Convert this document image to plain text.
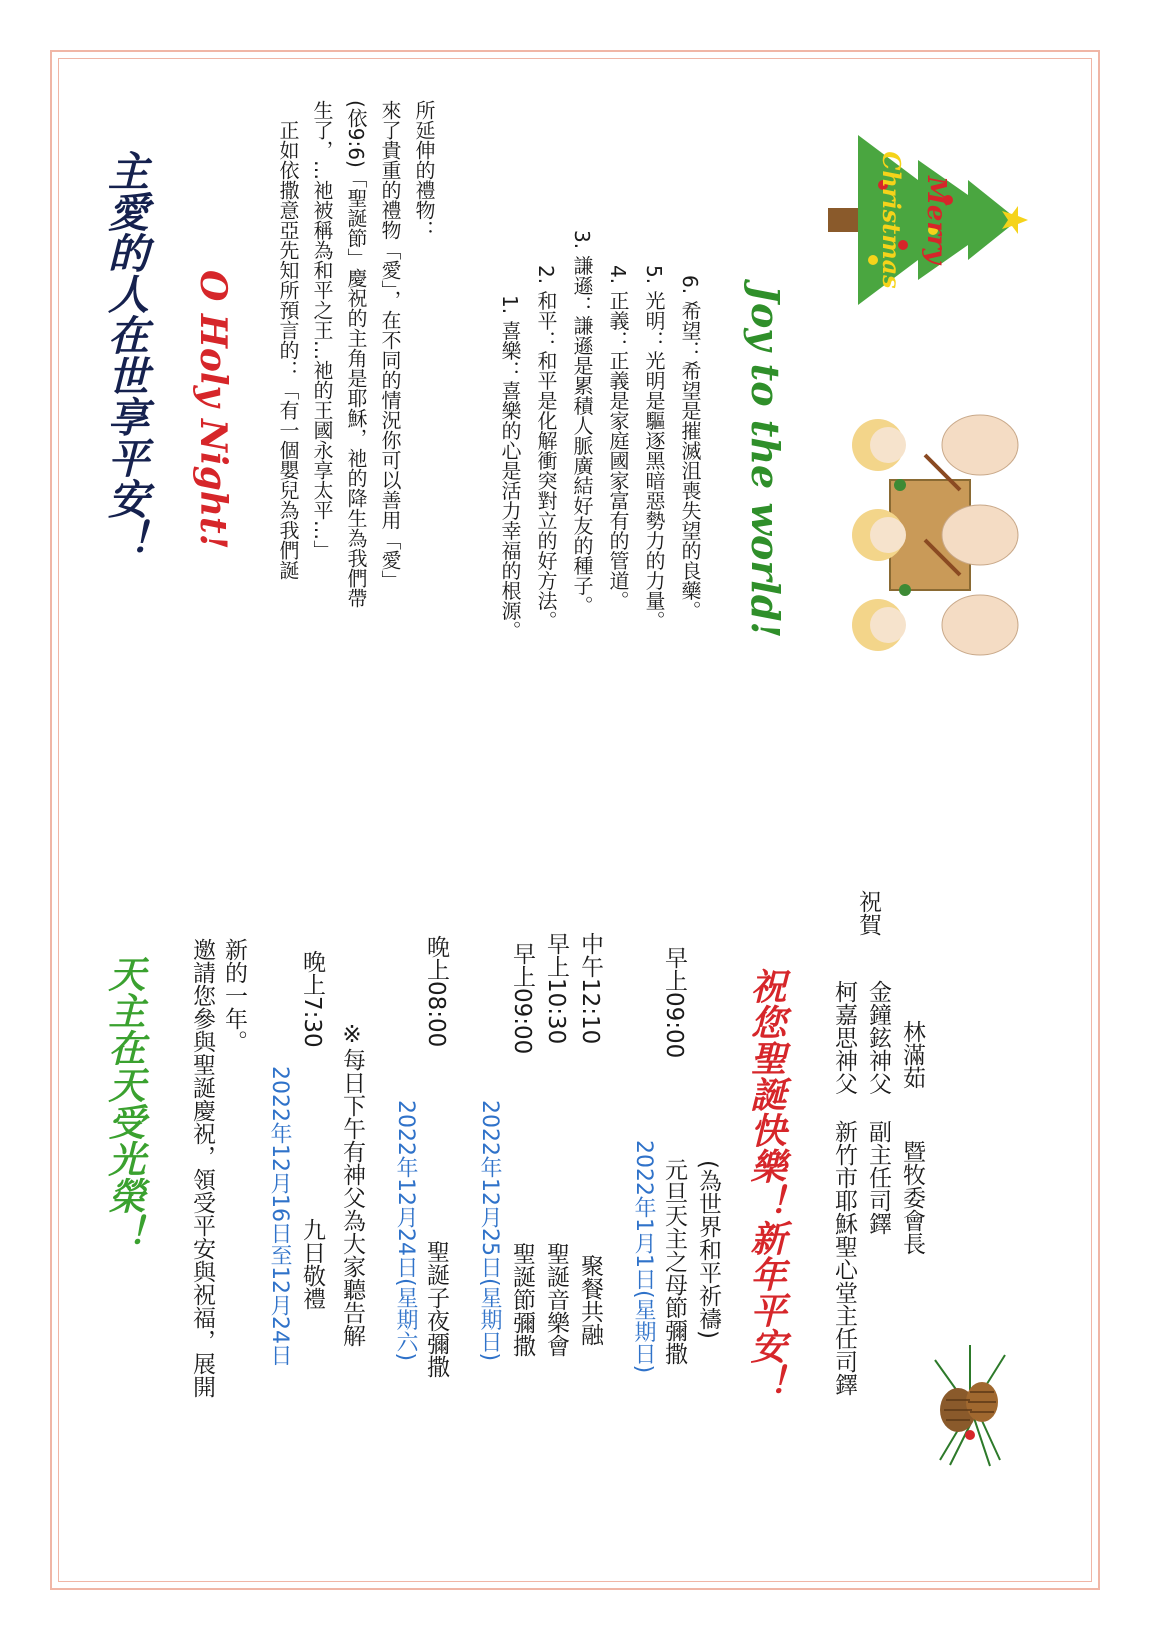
天主在天受光榮！ 邀請您參與聖誕慶祝，領受平安與祝福，展開 新的一年。
2022年12月16日至12月24日 九日敬禮
晚上7:30
※每日下午有神父為大家聽告解 2022年12月24日(星期六) 聖誕子夜彌撒
晚上08:00
2022年12月25日(星期日) 聖誕節彌撒
早上09:00
聖誕音樂會
早上10:30
聚餐共融
中午12:10
2022年1月1日(星期日) 元旦天主之母節彌撒
早上09:00
(為世界和平祈禱) 祝您聖誕快樂！新年平安！ 新竹市耶穌聖心堂主任司鐸
柯嘉思神父
副主任司鐸
金鐘鉉神父
暨牧委會長
林滿茹
祝賀
主愛的人在世享平安！ O Holy Night! 正如依撒意亞先知所預言的：「有一個嬰兒為我們誕 生了，…祂被稱為和平之王…祂的王國永享太平…」 (依9:6)「聖誕節」慶祝的主角是耶穌，祂的降生為我們帶 來了貴重的禮物「愛」，在不同的情況你可以善用「愛」 所延伸的禮物：
1. 喜樂：喜樂的心是活力幸福的根源。 2. 和平：和平是化解衝突對立的好方法。 3. 謙遜：謙遜是累積人脈廣結好友的種子。 4. 正義：正義是家庭國家富有的管道。 5. 光明：光明是驅逐黑暗惡勢力的力量。 6. 希望：希望是摧滅沮喪失望的良藥。 Joy to the world!
Merry
Christmas
